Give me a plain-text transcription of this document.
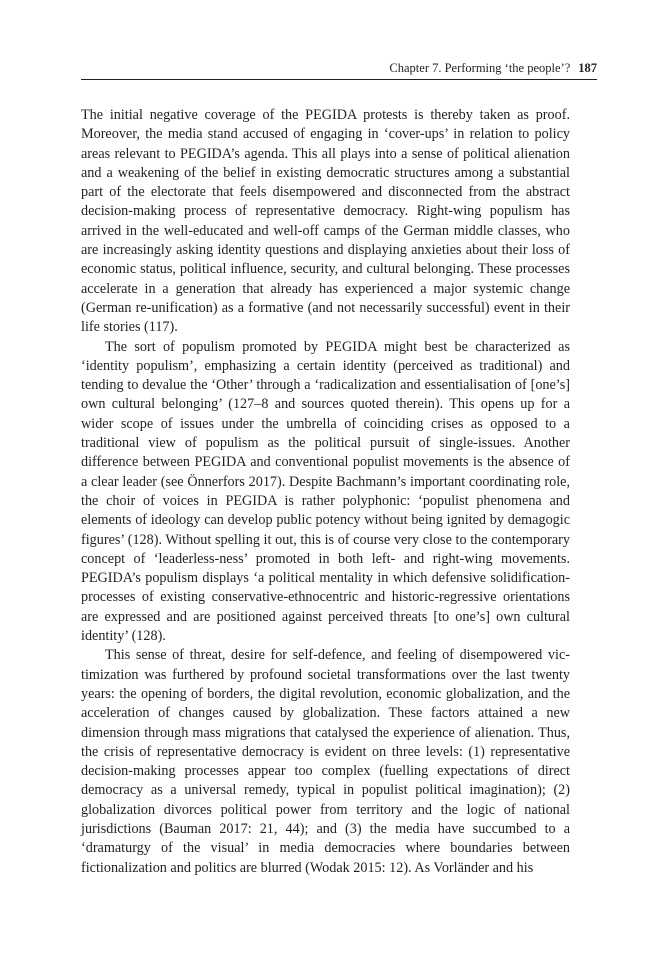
Chapter 7. Performing ‘the people’? 187

The initial negative coverage of the PEGIDA protests is thereby taken as proof. Moreover, the media stand accused of engaging in ‘cover-ups’ in relation to policy areas relevant to PEGIDA’s agenda. This all plays into a sense of political alienation and a weakening of the belief in existing democratic structures among a substantial part of the electorate that feels disempowered and disconnected from the abstract decision-making process of representative democracy. Right-wing populism has arrived in the well-educated and well-off camps of the German middle classes, who are increasingly asking identity questions and displaying anxieties about their loss of economic status, political influence, security, and cultural belonging. These processes accelerate in a generation that already has experienced a major systemic change (German re-unification) as a formative (and not necessarily successful) event in their life stories (117).

The sort of populism promoted by PEGIDA might best be characterized as ‘identity populism’, emphasizing a certain identity (perceived as traditional) and tending to devalue the ‘Other’ through a ‘radicalization and essentialisation of [one’s] own cultural belonging’ (127–8 and sources quoted therein). This opens up for a wider scope of issues under the umbrella of coinciding crises as opposed to a traditional view of populism as the political pursuit of single-issues. Another difference between PEGIDA and conventional populist movements is the absence of a clear leader (see Önnerfors 2017). Despite Bachmann’s important coordinating role, the choir of voices in PEGIDA is rather polyphonic: ‘populist phenomena and elements of ideology can develop public potency without being ignited by demagogic figures’ (128). Without spelling it out, this is of course very close to the contemporary concept of ‘leaderless-ness’ promoted in both left- and right-wing movements. PEGIDA’s populism displays ‘a political mentality in which defensive solidification-processes of existing conservative-ethnocentric and historic-regressive orientations are expressed and are positioned against perceived threats [to one’s] own cultural identity’ (128).

This sense of threat, desire for self-defence, and feeling of disempowered victimization was furthered by profound societal transformations over the last twenty years: the opening of borders, the digital revolution, economic globalization, and the acceleration of changes caused by globalization. These factors attained a new dimension through mass migrations that catalysed the experience of alienation. Thus, the crisis of representative democracy is evident on three levels: (1) representative decision-making processes appear too complex (fuelling expectations of direct democracy as a universal remedy, typical in populist political imagination); (2) globalization divorces political power from territory and the logic of national jurisdictions (Bauman 2017: 21, 44); and (3) the media have succumbed to a ‘dramaturgy of the visual’ in media democracies where boundaries between fictionalization and politics are blurred (Wodak 2015: 12). As Vorländer and his
